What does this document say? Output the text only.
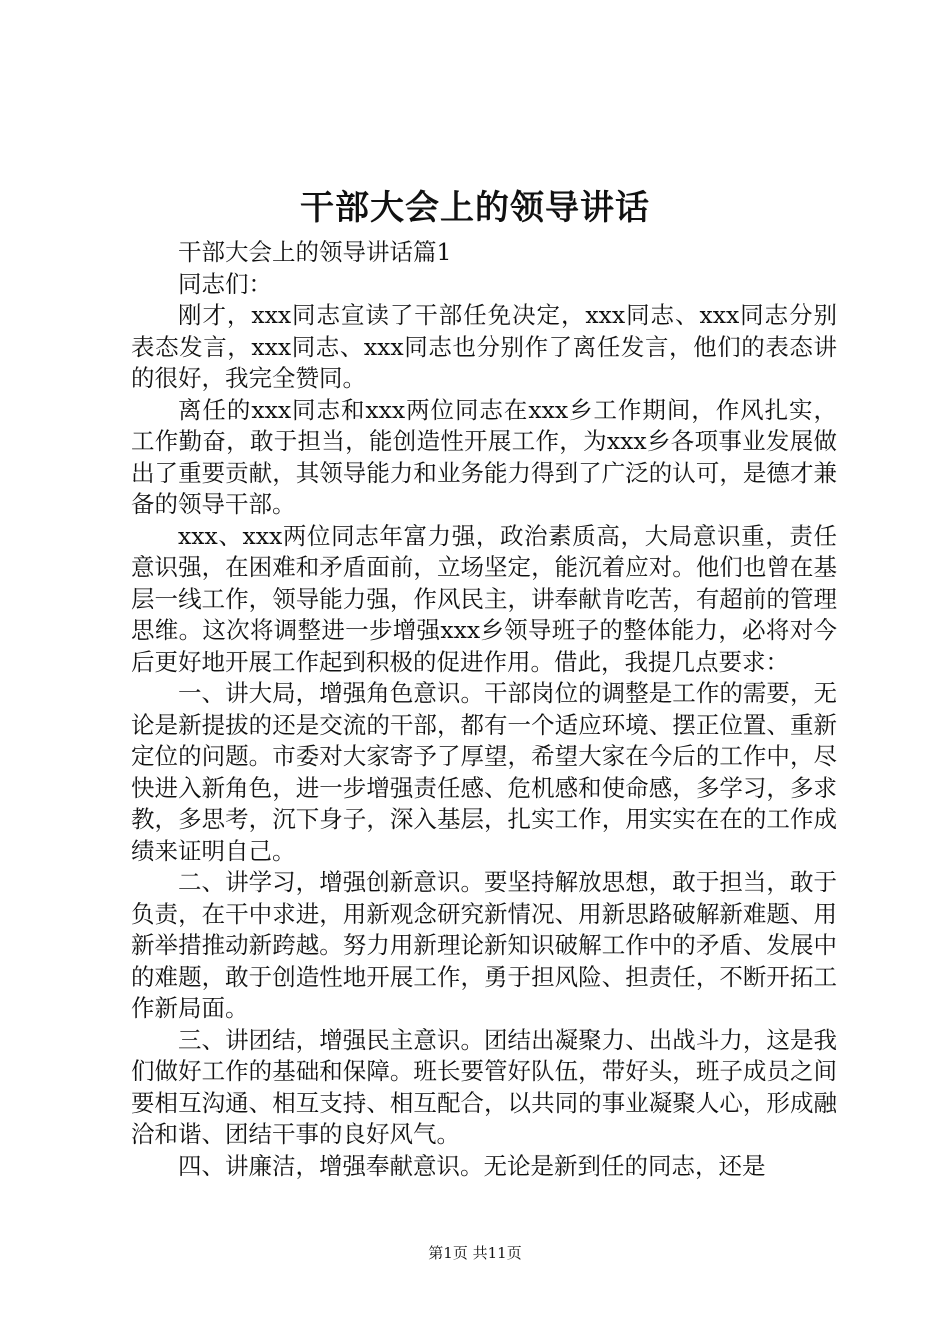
干部大会上的领导讲话

干部大会上的领导讲话篇1

同志们：

刚才，xxx同志宣读了干部任免决定，xxx同志、xxx同志分别表态发言，xxx同志、xxx同志也分别作了离任发言，他们的表态讲的很好，我完全赞同。

离任的xxx同志和xxx两位同志在xxx乡工作期间，作风扎实，工作勤奋，敢于担当，能创造性开展工作，为xxx乡各项事业发展做出了重要贡献，其领导能力和业务能力得到了广泛的认可，是德才兼备的领导干部。

xxx、xxx两位同志年富力强，政治素质高，大局意识重，责任意识强，在困难和矛盾面前，立场坚定，能沉着应对。他们也曾在基层一线工作，领导能力强，作风民主，讲奉献肯吃苦，有超前的管理思维。这次将调整进一步增强xxx乡领导班子的整体能力，必将对今后更好地开展工作起到积极的促进作用。借此，我提几点要求：

一、讲大局，增强角色意识。干部岗位的调整是工作的需要，无论是新提拔的还是交流的干部，都有一个适应环境、摆正位置、重新定位的问题。市委对大家寄予了厚望，希望大家在今后的工作中，尽快进入新角色，进一步增强责任感、危机感和使命感，多学习，多求教，多思考，沉下身子，深入基层，扎实工作，用实实在在的工作成绩来证明自己。

二、讲学习，增强创新意识。要坚持解放思想，敢于担当，敢于负责，在干中求进，用新观念研究新情况、用新思路破解新难题、用新举措推动新跨越。努力用新理论新知识破解工作中的矛盾、发展中的难题，敢于创造性地开展工作，勇于担风险、担责任，不断开拓工作新局面。

三、讲团结，增强民主意识。团结出凝聚力、出战斗力，这是我们做好工作的基础和保障。班长要管好队伍，带好头，班子成员之间要相互沟通、相互支持、相互配合，以共同的事业凝聚人心，形成融洽和谐、团结干事的良好风气。

四、讲廉洁，增强奉献意识。无论是新到任的同志，还是

第1页 共11页
